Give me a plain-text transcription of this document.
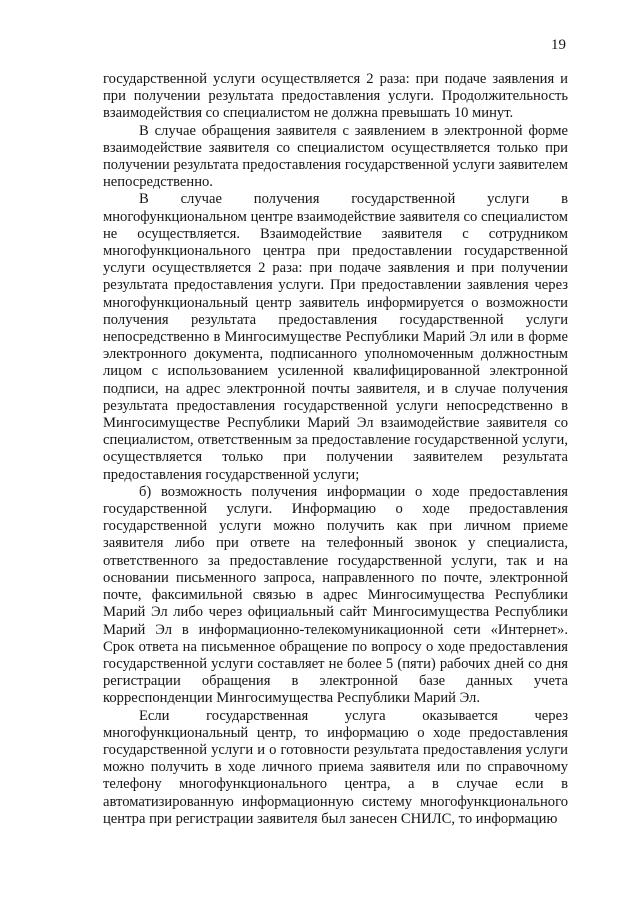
19

государственной услуги осуществляется 2 раза: при подаче заявления и при получении результата предоставления услуги. Продолжительность взаимодействия со специалистом не должна превышать 10 минут.

В случае обращения заявителя с заявлением в электронной форме взаимодействие заявителя со специалистом осуществляется только при получении результата предоставления государственной услуги заявителем непосредственно.

В случае получения государственной услуги в многофункциональном центре взаимодействие заявителя со специалистом не осуществляется. Взаимодействие заявителя с сотрудником многофункционального центра при предоставлении государственной услуги осуществляется 2 раза: при подаче заявления и при получении результата предоставления услуги. При предоставлении заявления через многофункциональный центр заявитель информируется о возможности получения результата предоставления государственной услуги непосредственно в Мингосимуществе Республики Марий Эл или в форме электронного документа, подписанного уполномоченным должностным лицом с использованием усиленной квалифицированной электронной подписи, на адрес электронной почты заявителя, и в случае получения результата предоставления государственной услуги непосредственно в Мингосимуществе Республики Марий Эл взаимодействие заявителя со специалистом, ответственным за предоставление государственной услуги, осуществляется только при получении заявителем результата предоставления государственной услуги;

б) возможность получения информации о ходе предоставления государственной услуги. Информацию о ходе предоставления государственной услуги можно получить как при личном приеме заявителя либо при ответе на телефонный звонок у специалиста, ответственного за предоставление государственной услуги, так и на основании письменного запроса, направленного по почте, электронной почте, факсимильной связью в адрес Мингосимущества Республики Марий Эл либо через официальный сайт Мингосимущества Республики Марий Эл в информационно-телекомуникационной сети «Интернет». Срок ответа на письменное обращение по вопросу о ходе предоставления государственной услуги составляет не более 5 (пяти) рабочих дней со дня регистрации обращения в электронной базе данных учета корреспонденции Мингосимущества Республики Марий Эл.

Если государственная услуга оказывается через многофункциональный центр, то информацию о ходе предоставления государственной услуги и о готовности результата предоставления услуги можно получить в ходе личного приема заявителя или по справочному телефону многофункционального центра, а в случае если в автоматизированную информационную систему многофункционального центра при регистрации заявителя был занесен СНИЛС, то информацию
